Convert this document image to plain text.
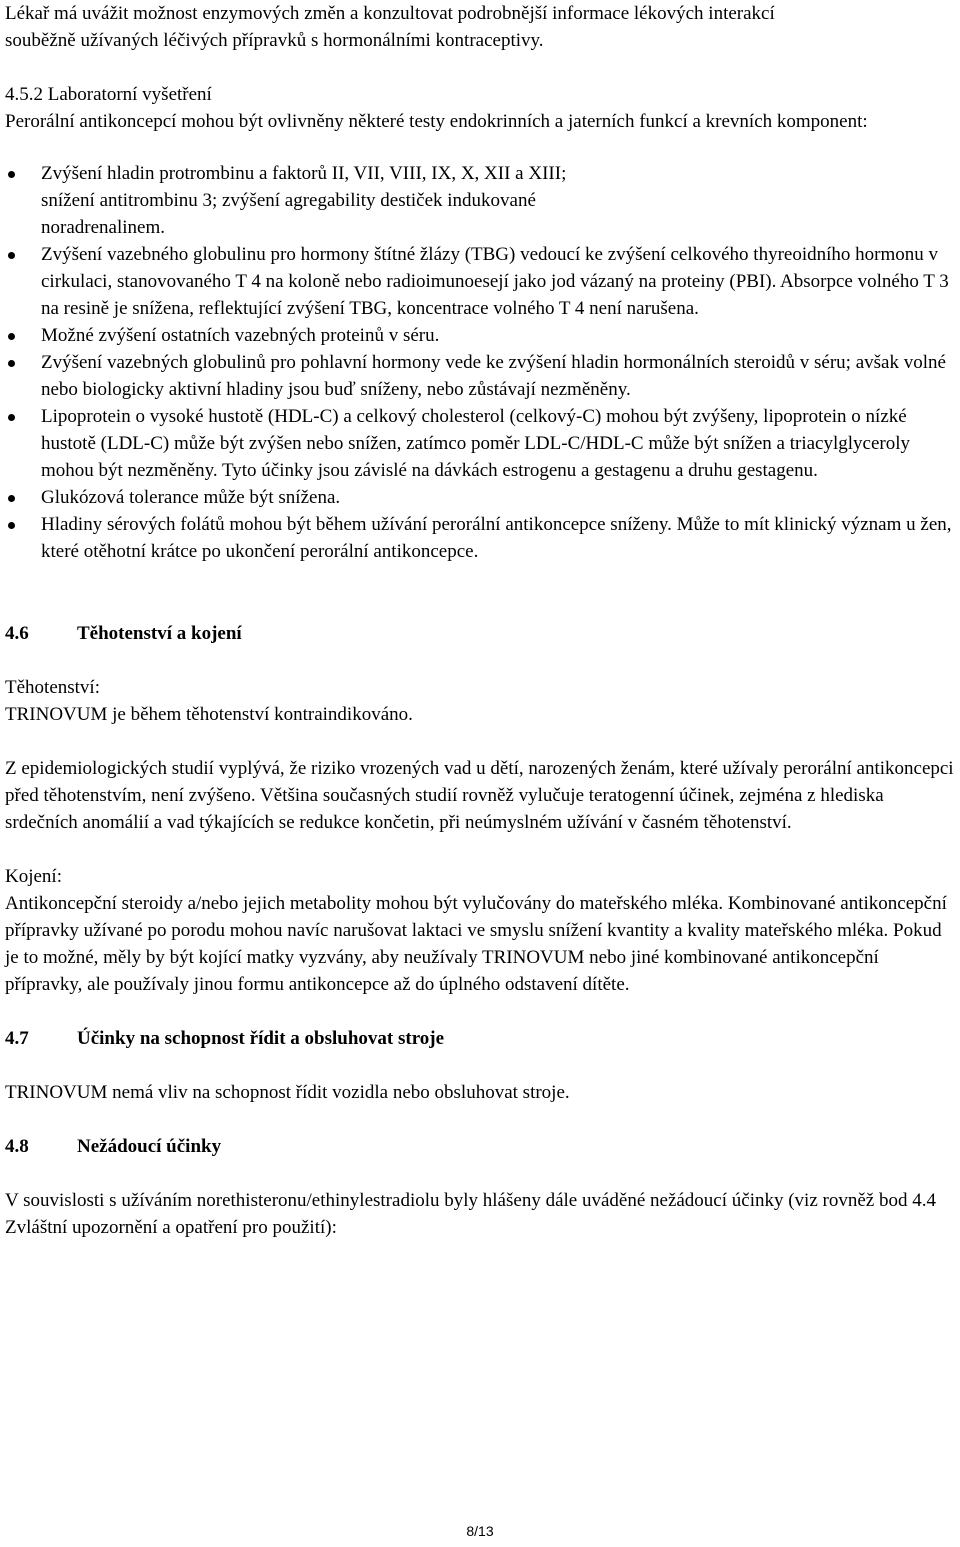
Lékař má uvážit možnost enzymových změn a konzultovat podrobnější informace lékových interakcí

souběžně užívaných léčivých přípravků s hormonálními kontraceptivy.

4.5.2 Laboratorní vyšetření

Perorální antikoncepcí mohou být ovlivněny některé testy endokrinních a jaterních funkcí a krevních komponent:

Zvýšení hladin protrombinu a faktorů II, VII, VIII, IX, X, XII a XIII; snížení antitrombinu 3; zvýšení agregability destiček indukované noradrenalinem.
Zvýšení vazebného globulinu pro hormony štítné žlázy (TBG) vedoucí ke zvýšení celkového thyreoidního hormonu v cirkulaci, stanovovaného T 4 na koloně nebo radioimunoesejí jako jod vázaný na proteiny (PBI). Absorpce volného T 3 na resině je snížena, reflektující zvýšení TBG, koncentrace volného T 4 není narušena.
Možné zvýšení ostatních vazebných proteinů v séru.
Zvýšení vazebných globulinů pro pohlavní hormony vede ke zvýšení hladin hormonálních steroidů v séru; avšak volné nebo biologicky aktivní hladiny jsou buď sníženy, nebo zůstávají nezměněny.
Lipoprotein o vysoké hustotě (HDL-C) a celkový cholesterol (celkový-C) mohou být zvýšeny, lipoprotein o nízké hustotě (LDL-C) může být zvýšen nebo snížen, zatímco poměr LDL-C/HDL-C může být snížen a triacylglyceroly mohou být nezměněny. Tyto účinky jsou závislé na dávkách estrogenu a gestagenu a druhu gestagenu.
Glukózová tolerance může být snížena.
Hladiny sérových folátů mohou být během užívání perorální antikoncepce sníženy. Může to mít klinický význam u žen, které otěhotní krátce po ukončení perorální antikoncepce.
4.6	Těhotenství a kojení

Těhotenství:

TRINOVUM je během těhotenství kontraindikováno.

Z epidemiologických studií vyplývá, že riziko vrozených vad u dětí, narozených ženám, které užívaly perorální antikoncepci před těhotenstvím, není zvýšeno. Většina současných studií rovněž vylučuje teratogenní účinek, zejména z hlediska srdečních anomálií a vad týkajících se redukce končetin, při neúmyslném užívání v časném těhotenství.

Kojení:

Antikoncepční steroidy a/nebo jejich metabolity mohou být vylučovány do mateřského mléka. Kombinované antikoncepční přípravky užívané po porodu mohou navíc narušovat laktaci ve smyslu snížení kvantity a kvality mateřského mléka. Pokud je to možné, měly by být kojící matky vyzvány, aby neužívaly TRINOVUM nebo jiné kombinované antikoncepční přípravky, ale používaly jinou formu antikoncepce až do úplného odstavení dítěte.

4.7	Účinky na schopnost řídit a obsluhovat stroje

TRINOVUM nemá vliv na schopnost řídit vozidla nebo obsluhovat stroje.

4.8	Nežádoucí účinky

V souvislosti s užíváním norethisteronu/ethinylestradiolu byly hlášeny dále uváděné nežádoucí účinky (viz rovněž bod 4.4 Zvláštní upozornění a opatření pro použití):

8/13
